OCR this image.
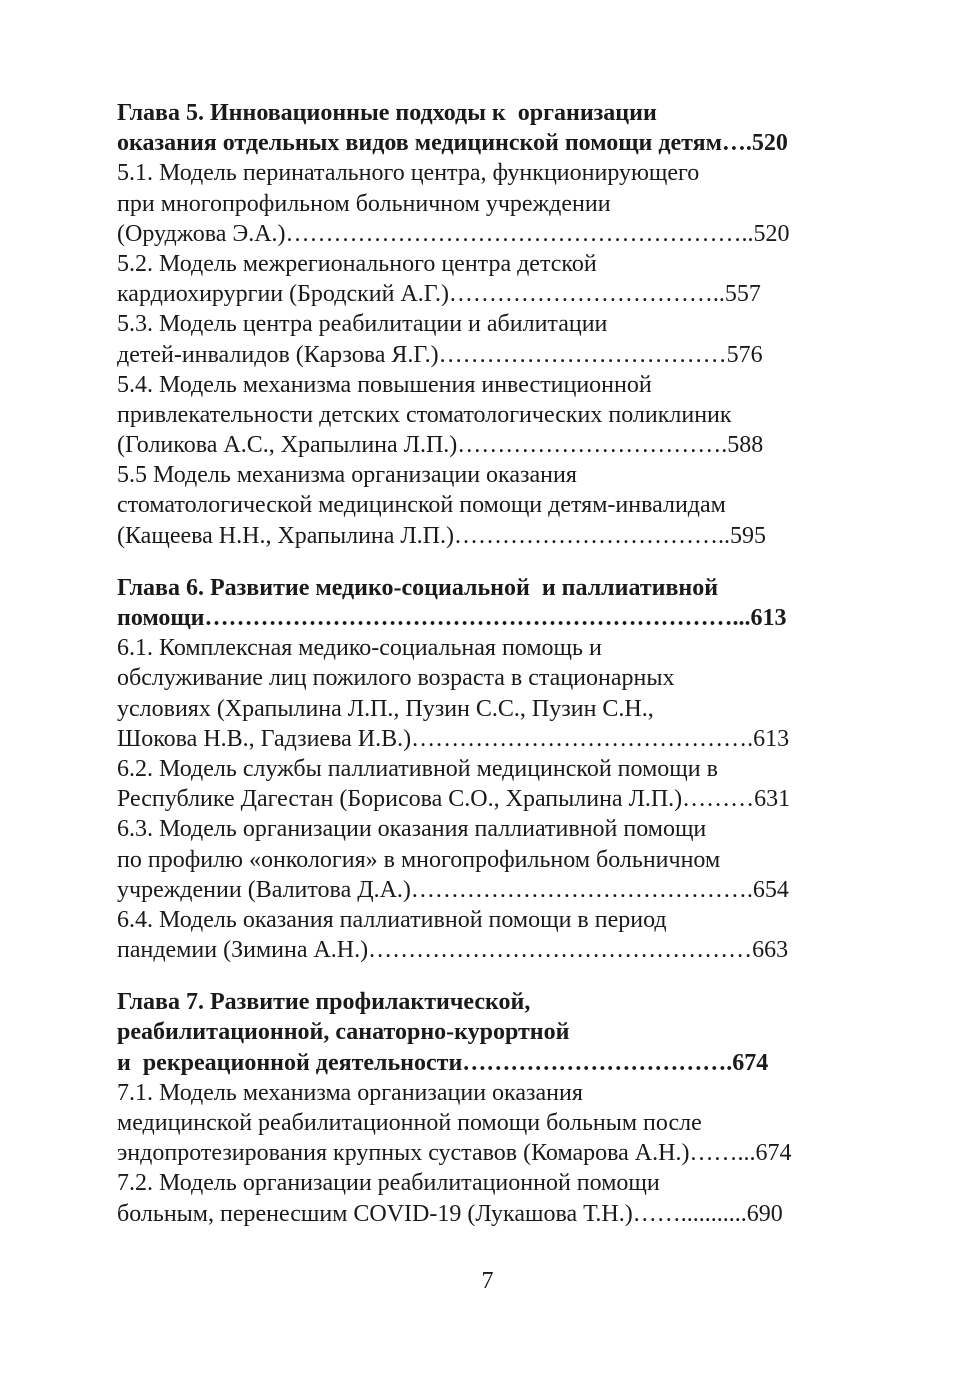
Глава 5. Инновационные подходы к  организации
оказания отдельных видов медицинской помощи детям….520
5.1. Модель перинатального центра, функционирующего
при многопрофильном больничном учреждении
(Оруджова Э.А.)…………………………………………………..520
5.2. Модель межрегионального центра детской
кардиохирургии (Бродский А.Г.)……………………………..557
5.3. Модель центра реабилитации и абилитации
детей-инвалидов (Карзова Я.Г.)………………………………576
5.4. Модель механизма повышения инвестиционной
привлекательности детских стоматологических поликлиник
(Голикова А.С., Храпылина Л.П.)…………………………….588
5.5 Модель механизма организации оказания
стоматологической медицинской помощи детям-инвалидам
(Кащеева Н.Н., Храпылина Л.П.)……………………………..595
Глава 6. Развитие медико-социальной  и паллиативной
помощи…………………………………………………………...613
6.1. Комплексная медико-социальная помощь и
обслуживание лиц пожилого возраста в стационарных
условиях (Храпылина Л.П., Пузин С.С., Пузин С.Н.,
Шокова Н.В., Гадзиева И.В.)…………………………………….613
6.2. Модель службы паллиативной медицинской помощи в
Республике Дагестан (Борисова С.О., Храпылина Л.П.)………631
6.3. Модель организации оказания паллиативной помощи
по профилю «онкология» в многопрофильном больничном
учреждении (Валитова Д.А.)…………………………………….654
6.4. Модель оказания паллиативной помощи в период
пандемии (Зимина А.Н.)…………………………………………663
Глава 7. Развитие профилактической,
реабилитационной, санаторно-курортной
и  рекреационной деятельности…………………………….674
7.1. Модель механизма организации оказания
медицинской реабилитационной помощи больным после
эндопротезирования крупных суставов (Комарова А.Н.)……...674
7.2. Модель организации реабилитационной помощи
больным, перенесшим COVID-19 (Лукашова Т.Н.)……...........690
7
